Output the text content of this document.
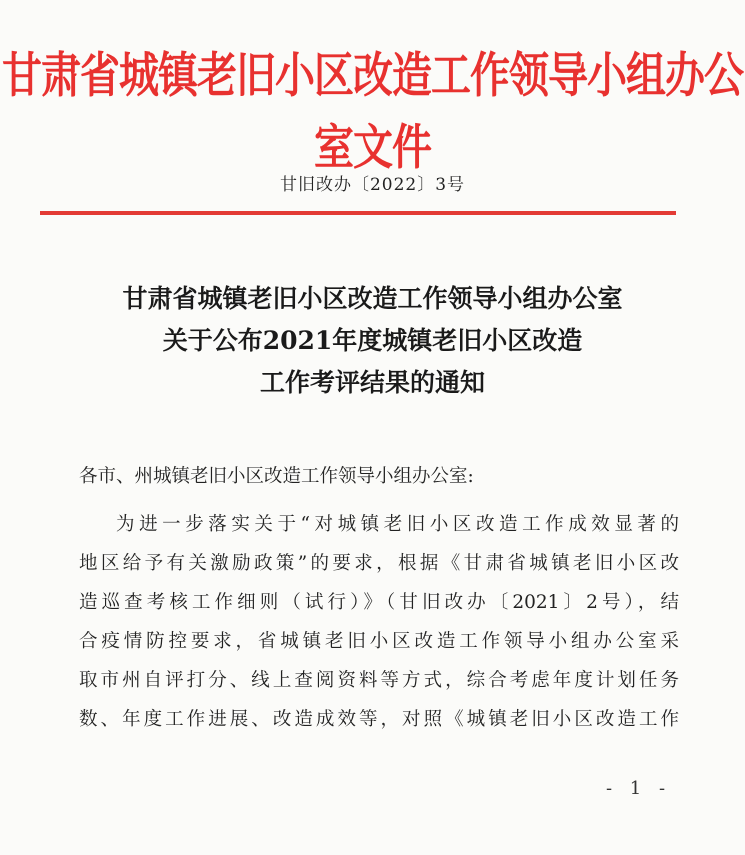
甘肃省城镇老旧小区改造工作领导小组办公室文件
甘旧改办〔2022〕3号
甘肃省城镇老旧小区改造工作领导小组办公室
关于公布2021年度城镇老旧小区改造
工作考评结果的通知
各市、州城镇老旧小区改造工作领导小组办公室:
为进一步落实关于“对城镇老旧小区改造工作成效显著的
地区给予有关激励政策”的要求，根据《甘肃省城镇老旧小区改
造巡查考核工作细则（试行）》（甘旧改办〔2021〕2号），结
合疫情防控要求，省城镇老旧小区改造工作领导小组办公室采
取市州自评打分、线上查阅资料等方式，综合考虑年度计划任务
数、年度工作进展、改造成效等，对照《城镇老旧小区改造工作
- 1 -
